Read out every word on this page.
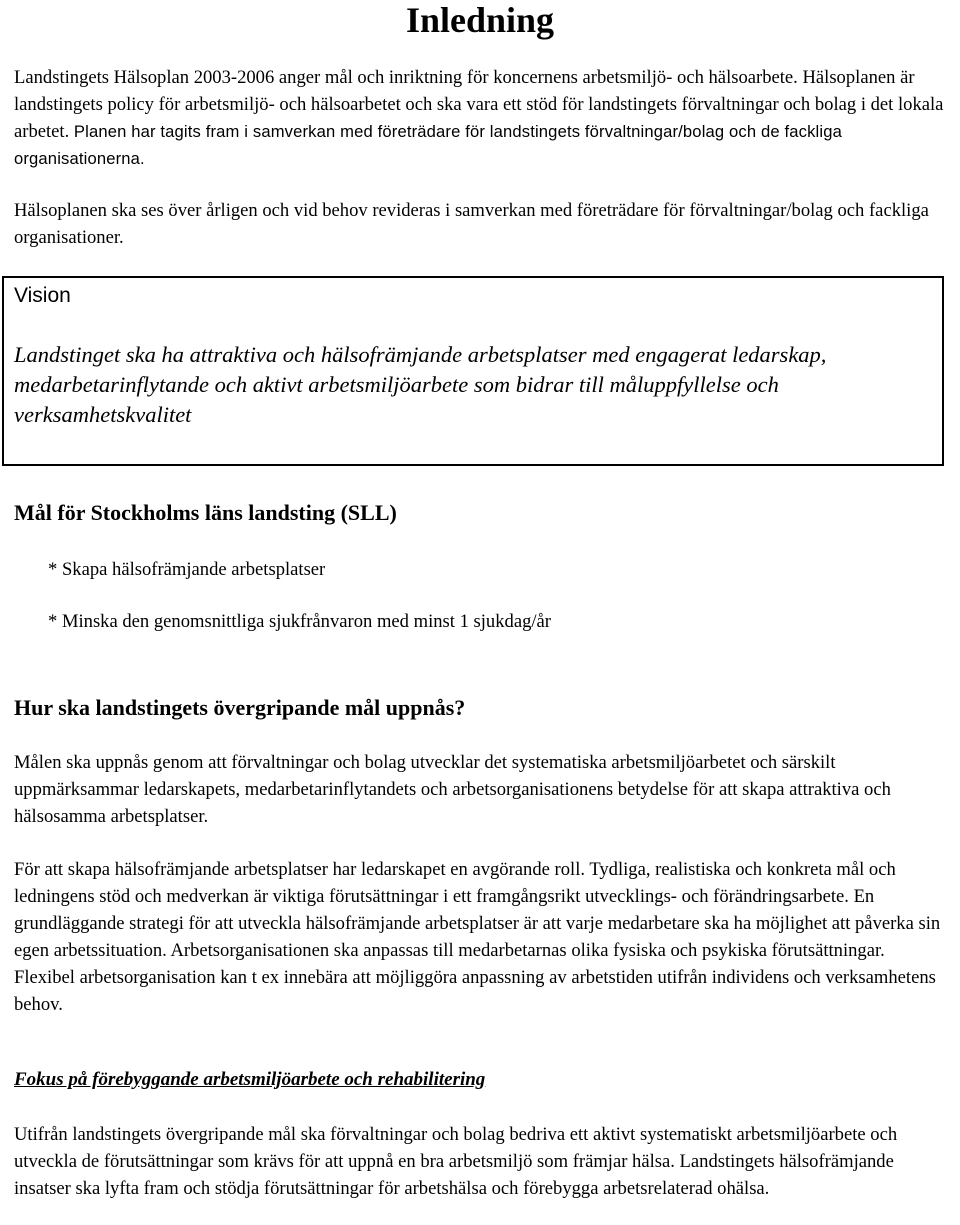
Inledning

Landstingets Hälsoplan 2003-2006 anger mål och inriktning för koncernens arbetsmiljö- och hälsoarbete. Hälsoplanen är landstingets policy för arbetsmiljö- och hälsoarbetet och ska vara ett stöd för landstingets förvaltningar och bolag i det lokala arbetet. Planen har tagits fram i samverkan med företrädare för landstingets förvaltningar/bolag och de fackliga organisationerna.

Hälsoplanen ska ses över årligen och vid behov revideras i samverkan med företrädare för förvaltningar/bolag och fackliga organisationer.

Vision

Landstinget ska ha attraktiva och hälsofrämjande arbetsplatser med engagerat ledarskap, medarbetarinflytande och aktivt arbetsmiljöarbete som bidrar till måluppfyllelse och verksamhetskvalitet

Mål för Stockholms läns landsting (SLL)

* Skapa hälsofrämjande arbetsplatser

* Minska den genomsnittliga sjukfrånvaron med minst 1 sjukdag/år

Hur ska landstingets övergripande mål uppnås?

Målen ska uppnås genom att förvaltningar och bolag utvecklar det systematiska arbetsmiljöarbetet och särskilt uppmärksammar ledarskapets, medarbetarinflytandets och arbetsorganisationens betydelse för att skapa attraktiva och hälsosamma arbetsplatser.

För att skapa hälsofrämjande arbetsplatser har ledarskapet en avgörande roll. Tydliga, realistiska och konkreta mål och ledningens stöd och medverkan är viktiga förutsättningar i ett framgångsrikt utvecklings- och förändringsarbete. En grundläggande strategi för att utveckla hälsofrämjande arbetsplatser är att varje medarbetare ska ha möjlighet att påverka sin egen arbetssituation. Arbetsorganisationen ska anpassas till medarbetarnas olika fysiska och psykiska förutsättningar. Flexibel arbetsorganisation kan t ex innebära att möjliggöra anpassning av arbetstiden utifrån individens och verksamhetens behov.

Fokus på förebyggande arbetsmiljöarbete och rehabilitering

Utifrån landstingets övergripande mål ska förvaltningar och bolag bedriva ett aktivt systematiskt arbetsmiljöarbete och utveckla de förutsättningar som krävs för att uppnå en bra arbetsmiljö som främjar hälsa. Landstingets hälsofrämjande insatser ska lyfta fram och stödja förutsättningar för arbetshälsa och förebygga arbetsrelaterad ohälsa.
